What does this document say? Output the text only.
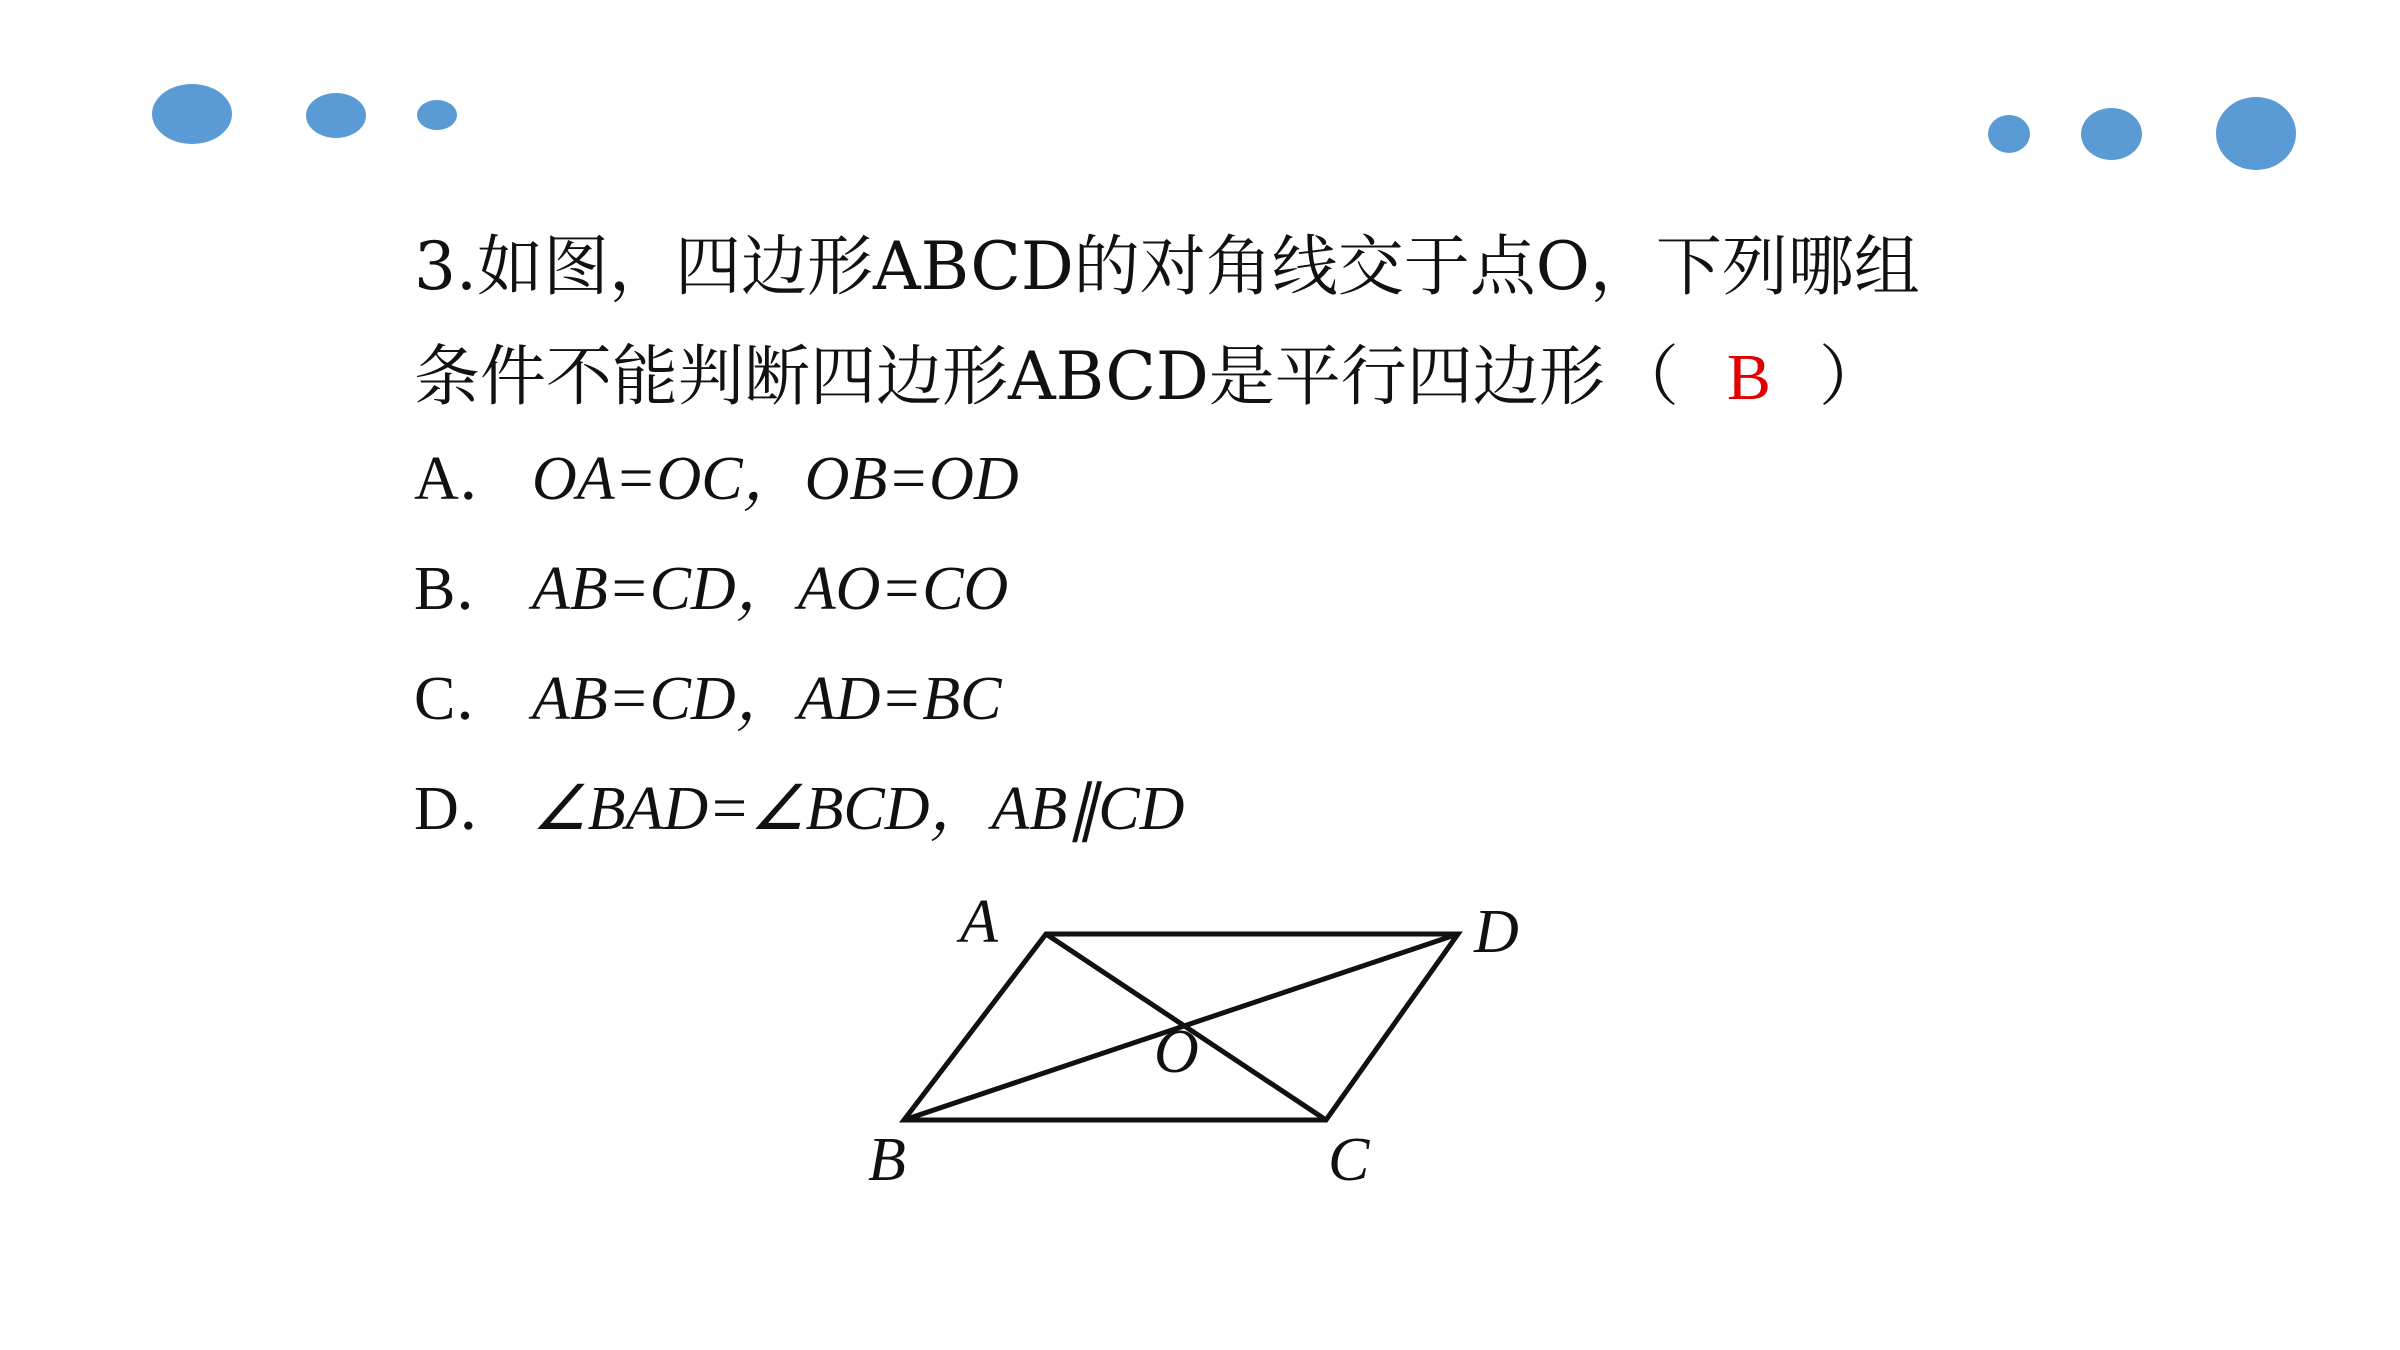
3.如图，四边形ABCD的对角线交于点O，下列哪组
条件不能判断四边形ABCD是平行四边形 （ B ）
A． OA=OC，OB=OD
B． AB=CD，AO=CO
C． AB=CD，AD=BC
D． ∠BAD=∠BCD，AB∥CD
A	D
O
B	C
